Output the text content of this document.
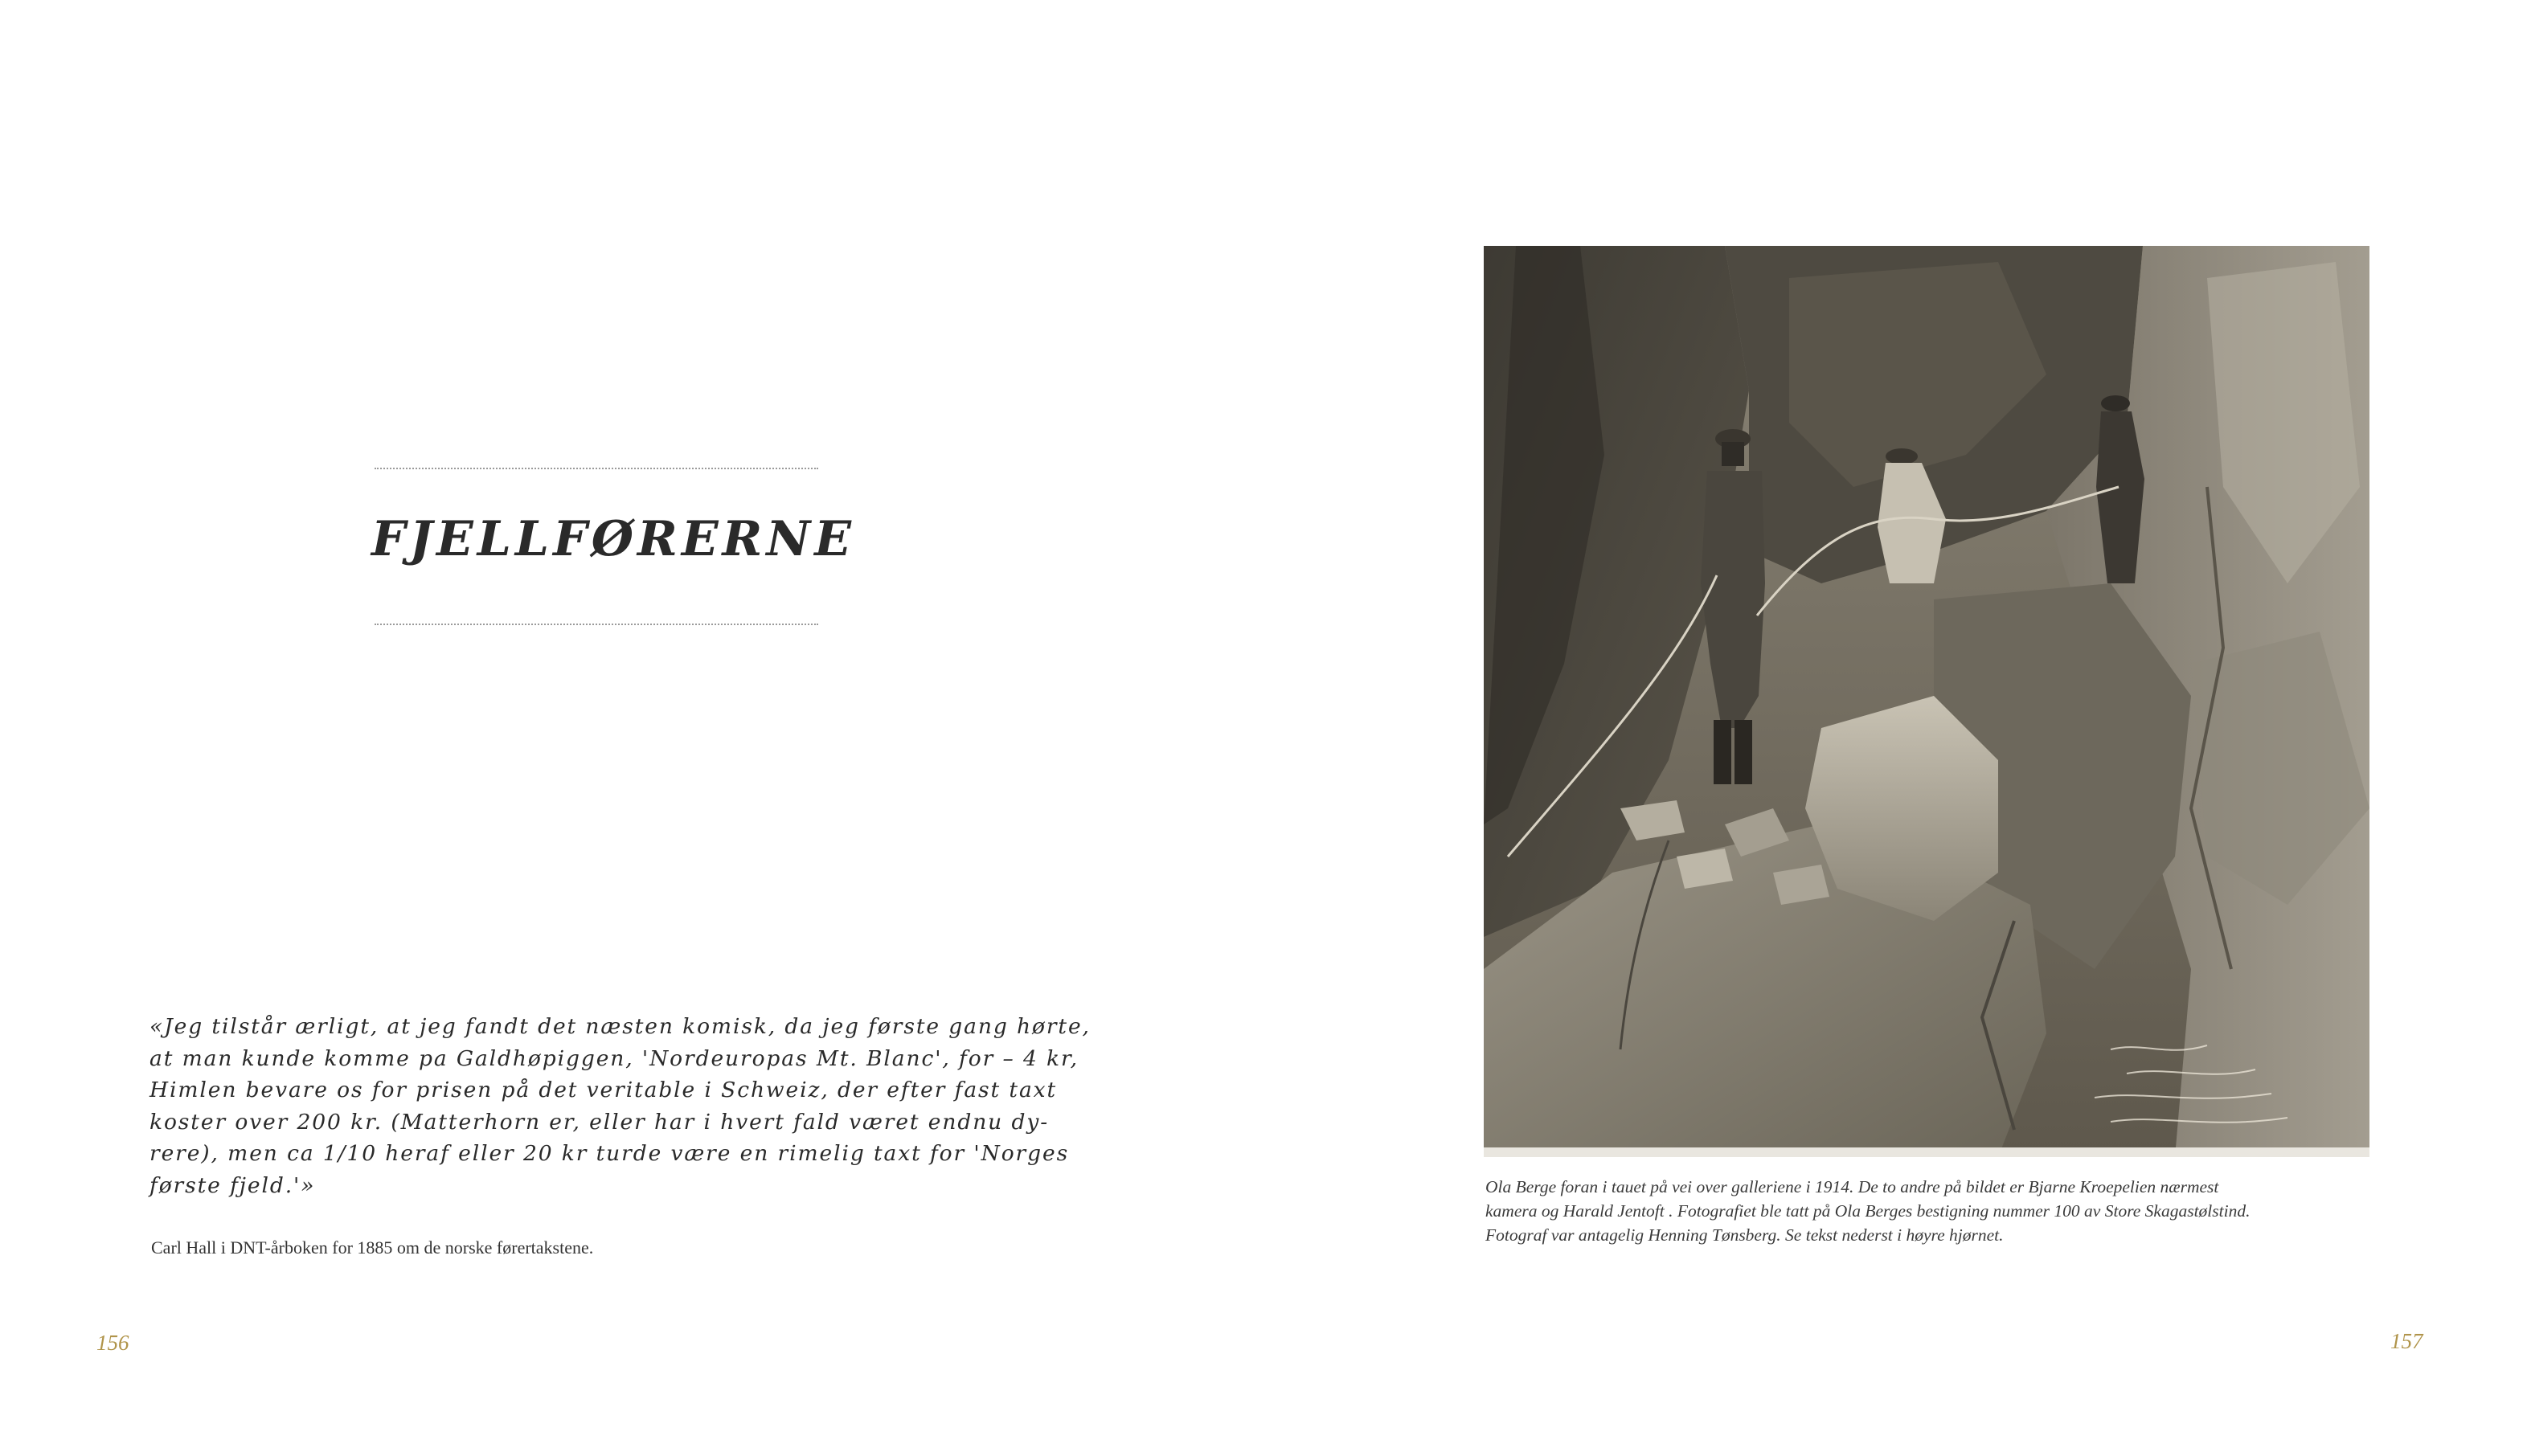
FJELLFØRERNE
«Jeg tilstår ærligt, at jeg fandt det næsten komisk, da jeg første gang hørte,
at man kunde komme pa Galdhøpiggen, 'Nordeuropas Mt. Blanc', for – 4 kr,
Himlen bevare os for prisen på det veritable i Schweiz, der efter fast taxt
koster over 200 kr. (Matterhorn er, eller har i hvert fald været endnu dy-
rere), men ca 1/10 heraf eller 20 kr turde være en rimelig taxt for 'Norges
første fjeld.'»
Carl Hall i DNT-årboken for 1885 om de norske førertakstene.
156
Ola Berge foran i tauet på vei over galleriene i 1914. De to andre på bildet er Bjarne Kroepelien nærmest
kamera og Harald Jentoft . Fotografiet ble tatt på Ola Berges bestigning nummer 100 av Store Skagastølstind.
Fotograf var antagelig Henning Tønsberg. Se tekst nederst i høyre hjørnet.
157
